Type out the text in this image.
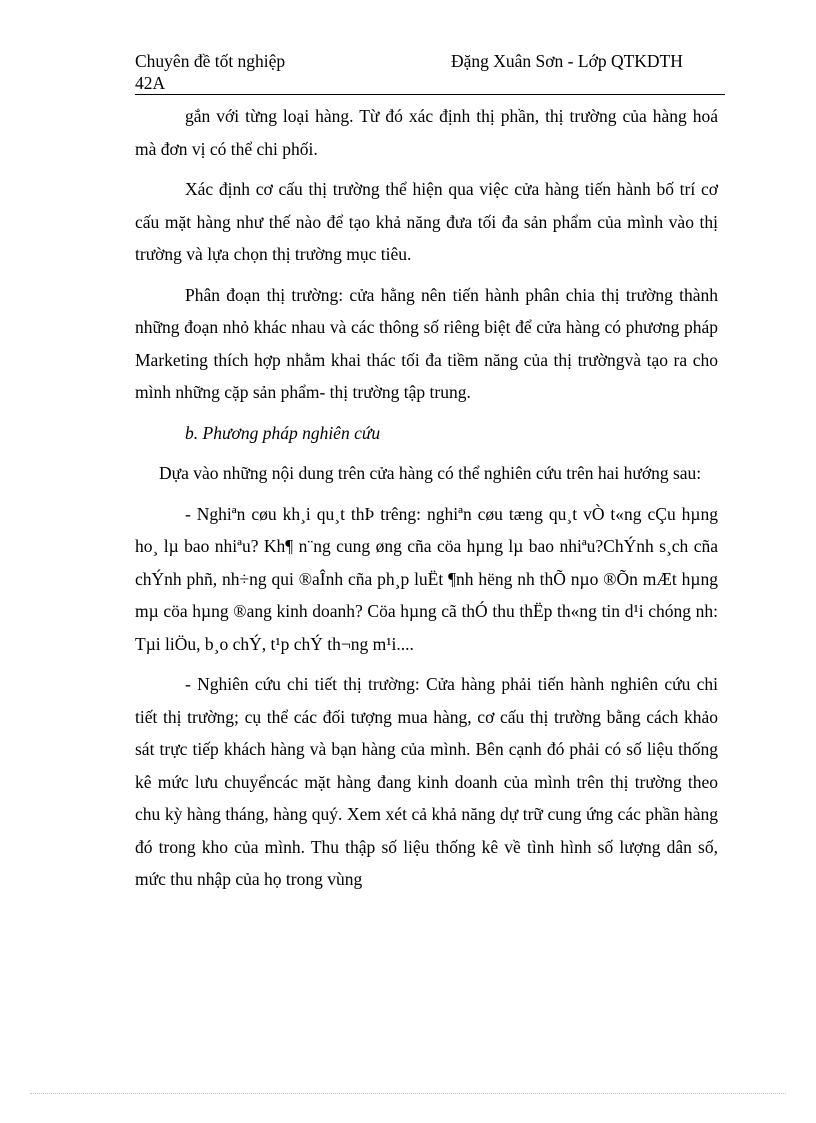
Chuyên đề tốt nghiệp 42A
Đặng Xuân Sơn - Lớp QTKDTH

gắn với từng loại hàng. Từ đó xác định thị phần, thị trường của hàng hoá mà đơn vị có thể chi phối.

Xác định cơ cấu thị trường thể hiện qua việc cửa hàng tiến hành bố trí cơ cấu mặt hàng như thế nào để tạo khả năng đưa tối đa sản phẩm của mình vào thị trường và lựa chọn thị trường mục tiêu.

Phân đoạn thị trường: cửa hằng nên tiến hành phân chia thị trường thành những đoạn nhỏ khác nhau và các thông số riêng biệt để cửa hàng có phương pháp Marketing thích hợp nhằm khai thác tối đa tiềm năng của thị trườngvà tạo ra cho mình những cặp sản phẩm- thị trường tập trung.

b. Phương pháp nghiên cứu

Dựa vào những nội dung trên cửa hàng có thể nghiên cứu trên hai hướng sau:

- Nghiªn cøu kh¸i qu¸t thÞ trêng: nghiªn cøu tæng qu¸t vÒ t«ng cÇu hµng ho¸ lµ bao nhiªu? Kh¶ n¨ng cung øng cña cöa hµng lµ bao nhiªu?ChÝnh s¸ch cña chÝnh phñ, nh÷ng qui ®aÎnh cña ph¸p luËt ¶nh hëng nh thÕ nµo ®Õn mÆt hµng mµ cöa hµng ®ang kinh doanh? Cöa hµng cã thÓ thu thËp th«ng tin d¹i chóng nh: Tµi liÖu, b¸o chÝ, t¹p chÝ th¬ng m¹i....

- Nghiên cứu chi tiết thị trường: Cửa hàng phải tiến hành nghiên cứu chi tiết thị trường; cụ thể các đối tượng mua hàng, cơ cấu thị trường bằng cách khảo sát trực tiếp khách hàng và bạn hàng của mình. Bên cạnh đó phải có số liệu thống kê mức lưu chuyểncác mặt hàng đang kinh doanh của mình trên thị trường theo chu kỳ hàng tháng, hàng quý. Xem xét cả khả năng dự trữ cung ứng các phần hàng đó trong kho của mình. Thu thập số liệu thống kê về tình hình số lượng dân số, mức thu nhập của họ trong vùng
